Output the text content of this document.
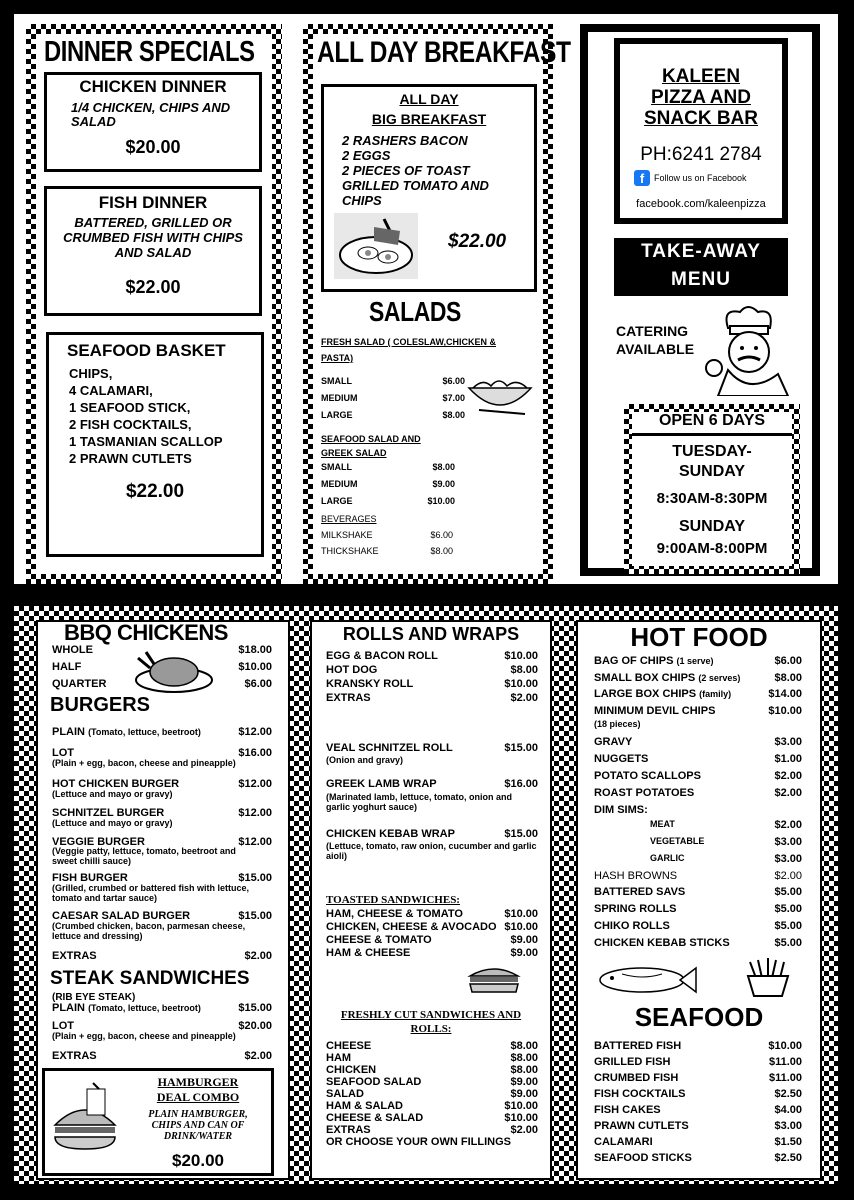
DINNER SPECIALS
CHICKEN DINNER
1/4 CHICKEN, CHIPS AND SALAD
$20.00
FISH DINNER
BATTERED, GRILLED OR CRUMBED FISH WITH CHIPS AND SALAD
$22.00
SEAFOOD BASKET
CHIPS,
4 CALAMARI,
1 SEAFOOD STICK,
2 FISH COCKTAILS,
1 TASMANIAN SCALLOP
2 PRAWN CUTLETS
$22.00
ALL DAY BREAKFAST
ALL DAY
BIG BREAKFAST
2 RASHERS BACON
2 EGGS
2 PIECES OF TOAST
GRILLED TOMATO AND
CHIPS
$22.00
SALADS
FRESH SALAD ( COLESLAW,CHICKEN & PASTA)
SMALL	$6.00
MEDIUM	$7.00
LARGE	$8.00
SEAFOOD SALAD AND GREEK SALAD
SMALL	$8.00
MEDIUM	$9.00
LARGE	$10.00
BEVERAGES
MILKSHAKE	$6.00
THICKSHAKE	$8.00
KALEEN
PIZZA AND
SNACK BAR
PH:6241 2784
f	Follow us on Facebook
facebook.com/kaleenpizza
TAKE-AWAY
MENU
CATERING
AVAILABLE
OPEN 6 DAYS
TUESDAY-
SUNDAY
8:30AM-8:30PM
SUNDAY
9:00AM-8:00PM
BBQ CHICKENS
WHOLE	$18.00
HALF	$10.00
QUARTER	$6.00
BURGERS
PLAIN (Tomato, lettuce, beetroot)	$12.00
LOT	$16.00
(Plain + egg, bacon, cheese and pineapple)
HOT CHICKEN BURGER	$12.00
(Lettuce and mayo or gravy)
SCHNITZEL BURGER	$12.00
(Lettuce and mayo or gravy)
VEGGIE BURGER	$12.00
(Veggie patty, lettuce, tomato, beetroot and sweet chilli sauce)
FISH BURGER	$15.00
(Grilled, crumbed or battered fish with lettuce, tomato and tartar sauce)
CAESAR SALAD BURGER	$15.00
(Crumbed chicken, bacon, parmesan cheese, lettuce and dressing)
EXTRAS	$2.00
STEAK SANDWICHES
(RIB EYE STEAK)
PLAIN (Tomato, lettuce, beetroot)	$15.00
LOT	$20.00
(Plain + egg, bacon, cheese and pineapple)
EXTRAS	$2.00
HAMBURGER
DEAL COMBO
PLAIN HAMBURGER, CHIPS AND CAN OF DRINK/WATER
$20.00
ROLLS AND WRAPS
EGG & BACON ROLL	$10.00
HOT DOG	$8.00
KRANSKY ROLL	$10.00
EXTRAS	$2.00
VEAL SCHNITZEL ROLL	$15.00
(Onion and gravy)
GREEK LAMB WRAP	$16.00
(Marinated lamb, lettuce, tomato, onion and garlic yoghurt sauce)
CHICKEN KEBAB WRAP	$15.00
(Lettuce, tomato, raw onion, cucumber and garlic aioli)
TOASTED SANDWICHES:
HAM, CHEESE & TOMATO	$10.00
CHICKEN, CHEESE & AVOCADO $10.00
CHEESE & TOMATO	$9.00
HAM & CHEESE	$9.00
FRESHLY CUT SANDWICHES AND
ROLLS:
CHEESE	$8.00
HAM	$8.00
CHICKEN	$8.00
SEAFOOD SALAD	$9.00
SALAD	$9.00
HAM & SALAD	$10.00
CHEESE & SALAD	$10.00
EXTRAS	$2.00
OR CHOOSE YOUR OWN FILLINGS
HOT FOOD
BAG OF CHIPS (1 serve)	$6.00
SMALL BOX CHIPS (2 serves)	$8.00
LARGE BOX CHIPS (family)	$14.00
MINIMUM DEVIL CHIPS	$10.00
(18 pieces)
GRAVY	$3.00
NUGGETS	$1.00
POTATO SCALLOPS	$2.00
ROAST POTATOES	$2.00
DIM SIMS:
MEAT	$2.00
VEGETABLE	$3.00
GARLIC	$3.00
HASH BROWNS	$2.00
BATTERED SAVS	$5.00
SPRING ROLLS	$5.00
CHIKO ROLLS	$5.00
CHICKEN KEBAB STICKS	$5.00
SEAFOOD
BATTERED FISH	$10.00
GRILLED FISH	$11.00
CRUMBED FISH	$11.00
FISH COCKTAILS	$2.50
FISH CAKES	$4.00
PRAWN CUTLETS	$3.00
CALAMARI	$1.50
SEAFOOD STICKS	$2.50
